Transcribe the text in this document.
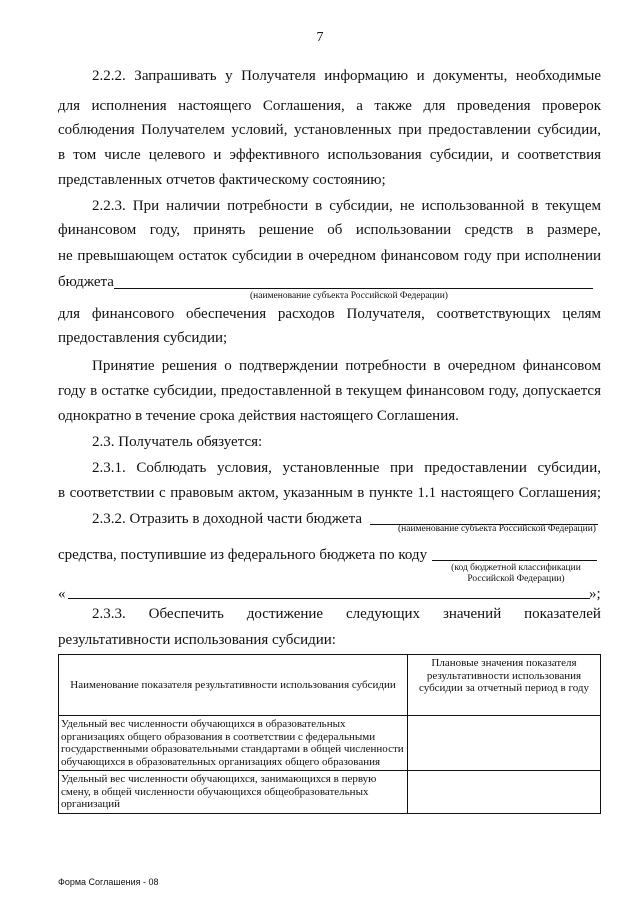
7
2.2.2. Запрашивать у Получателя информацию и документы, необходимые
для исполнения настоящего Соглашения, а также для проведения проверок
соблюдения Получателем условий, установленных при предоставлении субсидии,
в том числе целевого и эффективного использования субсидии, и соответствия
представленных отчетов фактическому состоянию;
2.2.3. При наличии потребности в субсидии, не использованной в текущем
финансовом году, принять решение об использовании средств в размере,
не превышающем остаток субсидии в очередном финансовом году при исполнении
бюджета
(наименование субъекта Российской Федерации)
для финансового обеспечения расходов Получателя, соответствующих целям
предоставления субсидии;
Принятие решения о подтверждении потребности в очередном финансовом
году в остатке субсидии, предоставленной в текущем финансовом году, допускается
однократно в течение срока действия настоящего Соглашения.
2.3. Получатель обязуется:
2.3.1. Соблюдать условия, установленные при предоставлении субсидии,
в соответствии с правовым актом, указанным в пункте 1.1 настоящего Соглашения;
2.3.2. Отразить в доходной части бюджета
(наименование субъекта Российской Федерации)
средства, поступившие из федерального бюджета по коду
(код бюджетной классификации
Российской Федерации)
«	»;
2.3.3. Обеспечить достижение следующих значений показателей
результативности использования субсидии:
Наименование показателя результативности использования субсидии	Плановые значения показателя результативности использования субсидии за отчетный период в году
Удельный вес численности обучающихся в образовательных организациях общего образования в соответствии с федеральными государственными образовательными стандартами в общей численности обучающихся в образовательных организациях общего образования	
Удельный вес численности обучающихся, занимающихся в первую смену, в общей численности обучающихся общеобразовательных организаций	
Форма Соглашения - 08
